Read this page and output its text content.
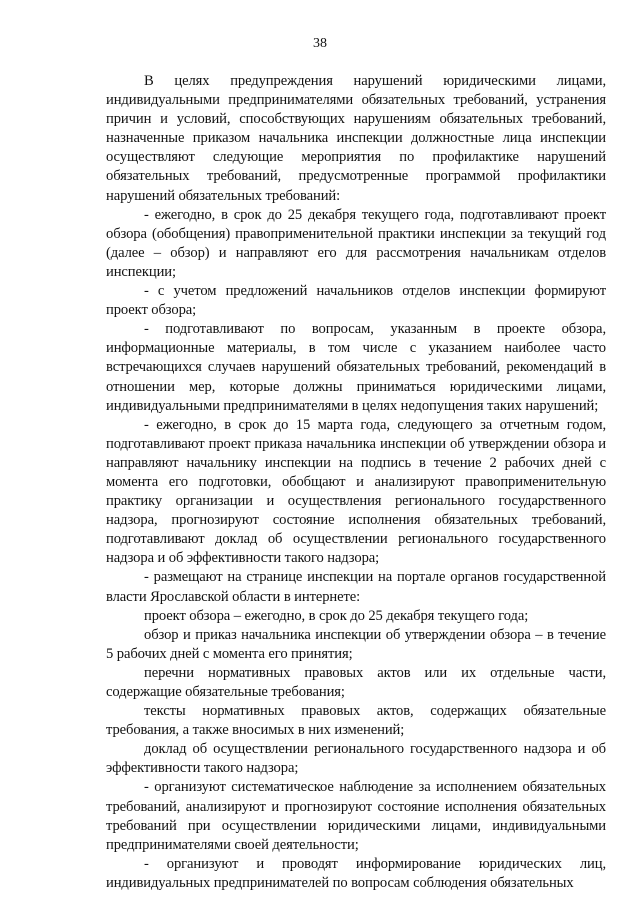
38

В целях предупреждения нарушений юридическими лицами, индивидуальными предпринимателями обязательных требований, устранения причин и условий, способствующих нарушениям обязательных требований, назначенные приказом начальника инспекции должностные лица инспекции осуществляют следующие мероприятия по профилактике нарушений обязательных требований, предусмотренные программой профилактики нарушений обязательных требований:

- ежегодно, в срок до 25 декабря текущего года, подготавливают проект обзора (обобщения) правоприменительной практики инспекции за текущий год (далее – обзор) и направляют его для рассмотрения начальникам отделов инспекции;

- с учетом предложений начальников отделов инспекции формируют проект обзора;

- подготавливают по вопросам, указанным в проекте обзора, информационные материалы, в том числе с указанием наиболее часто встречающихся случаев нарушений обязательных требований, рекомендаций в отношении мер, которые должны приниматься юридическими лицами, индивидуальными предпринимателями в целях недопущения таких нарушений;

- ежегодно, в срок до 15 марта года, следующего за отчетным годом, подготавливают проект приказа начальника инспекции об утверждении обзора и направляют начальнику инспекции на подпись в течение 2 рабочих дней с момента его подготовки, обобщают и анализируют правоприменительную практику организации и осуществления регионального государственного надзора, прогнозируют состояние исполнения обязательных требований, подготавливают доклад об осуществлении регионального государственного надзора и об эффективности такого надзора;

- размещают на странице инспекции на портале органов государственной власти Ярославской области в интернете:

проект обзора – ежегодно, в срок до 25 декабря текущего года;

обзор и приказ начальника инспекции об утверждении обзора – в течение 5 рабочих дней с момента его принятия;

перечни нормативных правовых актов или их отдельные части, содержащие обязательные требования;

тексты нормативных правовых актов, содержащих обязательные требования, а также вносимых в них изменений;

доклад об осуществлении регионального государственного надзора и об эффективности такого надзора;

- организуют систематическое наблюдение за исполнением обязательных требований, анализируют и прогнозируют состояние исполнения обязательных требований при осуществлении юридическими лицами, индивидуальными предпринимателями своей деятельности;

- организуют и проводят информирование юридических лиц, индивидуальных предпринимателей по вопросам соблюдения обязательных
